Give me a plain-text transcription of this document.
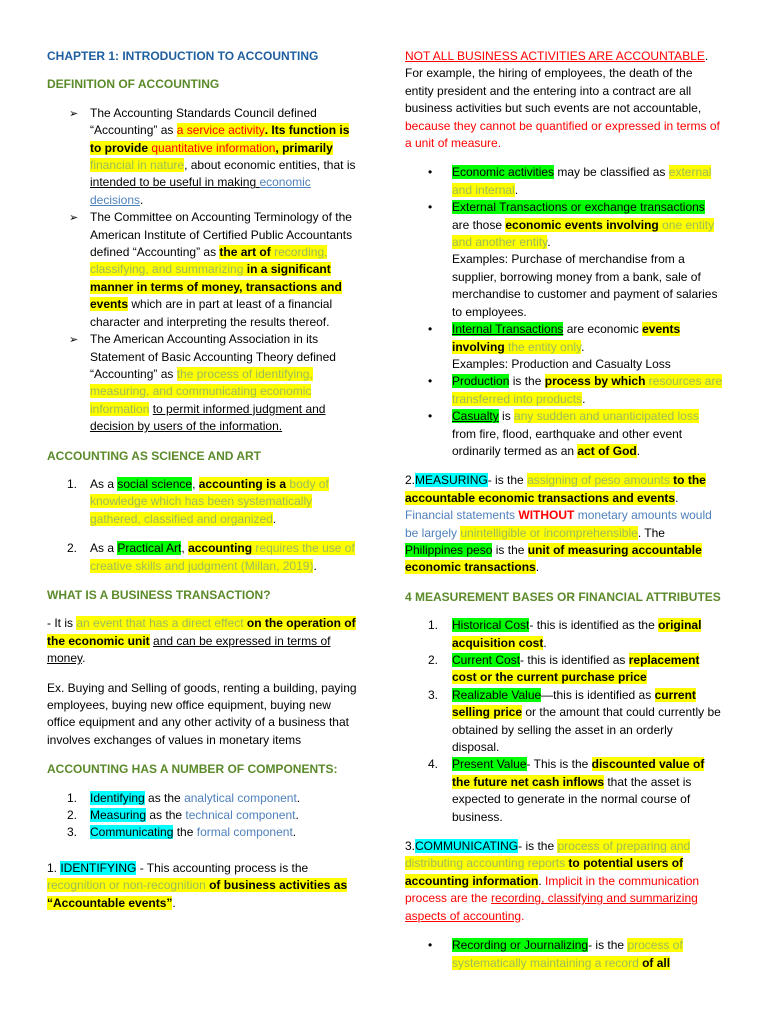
CHAPTER 1: INTRODUCTION TO ACCOUNTING
DEFINITION OF ACCOUNTING
➢ The Accounting Standards Council defined “Accounting” as a service activity. Its function is to provide quantitative information, primarily financial in nature, about economic entities, that is intended to be useful in making economic decisions.
➢ The Committee on Accounting Terminology of the American Institute of Certified Public Accountants defined “Accounting” as the art of recording, classifying, and summarizing in a significant manner in terms of money, transactions and events which are in part at least of a financial character and interpreting the results thereof.
➢ The American Accounting Association in its Statement of Basic Accounting Theory defined “Accounting” as the process of identifying, measuring, and communicating economic information to permit informed judgment and decision by users of the information.
ACCOUNTING AS SCIENCE AND ART
1. As a social science, accounting is a body of knowledge which has been systematically gathered, classified and organized.
2. As a Practical Art, accounting requires the use of creative skills and judgment (Millan, 2019).
WHAT IS A BUSINESS TRANSACTION?

- It is an event that has a direct effect on the operation of the economic unit and can be expressed in terms of money.

Ex. Buying and Selling of goods, renting a building, paying employees, buying new office equipment, buying new office equipment and any other activity of a business that involves exchanges of values in monetary items

ACCOUNTING HAS A NUMBER OF COMPONENTS:
1. Identifying as the analytical component.
2. Measuring as the technical component.
3. Communicating the formal component.

1. IDENTIFYING - This accounting process is the recognition or non-recognition of business activities as “Accountable events”.

NOT ALL BUSINESS ACTIVITIES ARE ACCOUNTABLE. For example, the hiring of employees, the death of the entity president and the entering into a contract are all business activities but such events are not accountable, because they cannot be quantified or expressed in terms of a unit of measure.

• Economic activities may be classified as external and internal.
• External Transactions or exchange transactions are those economic events involving one entity and another entity.
Examples: Purchase of merchandise from a supplier, borrowing money from a bank, sale of merchandise to customer and payment of salaries to employees.
• Internal Transactions are economic events involving the entity only.
Examples: Production and Casualty Loss
• Production is the process by which resources are transferred into products.
• Casualty is any sudden and unanticipated loss from fire, flood, earthquake and other event ordinarily termed as an act of God.

2.MEASURING- is the assigning of peso amounts to the accountable economic transactions and events. Financial statements WITHOUT monetary amounts would be largely unintelligible or incomprehensible. The Philippines peso is the unit of measuring accountable economic transactions.

4 MEASUREMENT BASES OR FINANCIAL ATTRIBUTES
1. Historical Cost- this is identified as the original acquisition cost.
2. Current Cost- this is identified as replacement cost or the current purchase price
3. Realizable Value—this is identified as current selling price or the amount that could currently be obtained by selling the asset in an orderly disposal.
4. Present Value- This is the discounted value of the future net cash inflows that the asset is expected to generate in the normal course of business.

3.COMMUNICATING- is the process of preparing and distributing accounting reports to potential users of accounting information. Implicit in the communication process are the recording, classifying and summarizing aspects of accounting.

• Recording or Journalizing- is the process of systematically maintaining a record of all
